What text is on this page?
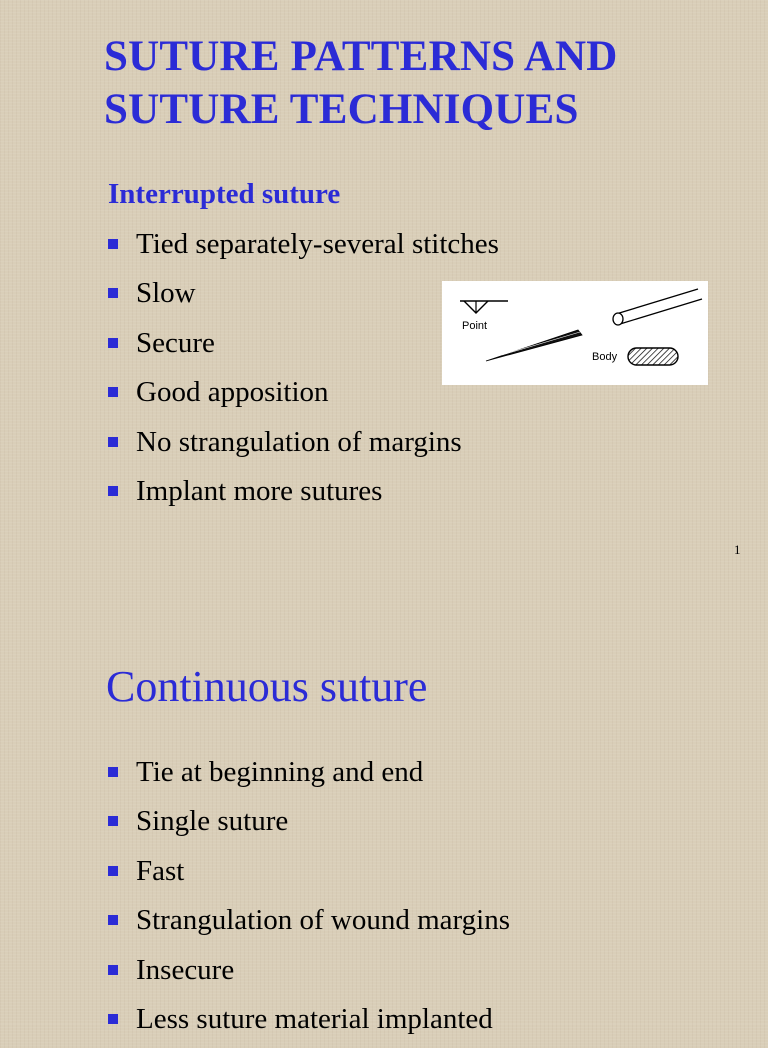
SUTURE PATTERNS AND
SUTURE TECHNIQUES
Interrupted suture
Tied separately-several stitches
Slow
Secure
Good apposition
No strangulation of margins
Implant more sutures
Point
Body
1
Continuous suture
Tie at beginning and end
Single suture
Fast
Strangulation of wound margins
Insecure
Less suture material implanted
